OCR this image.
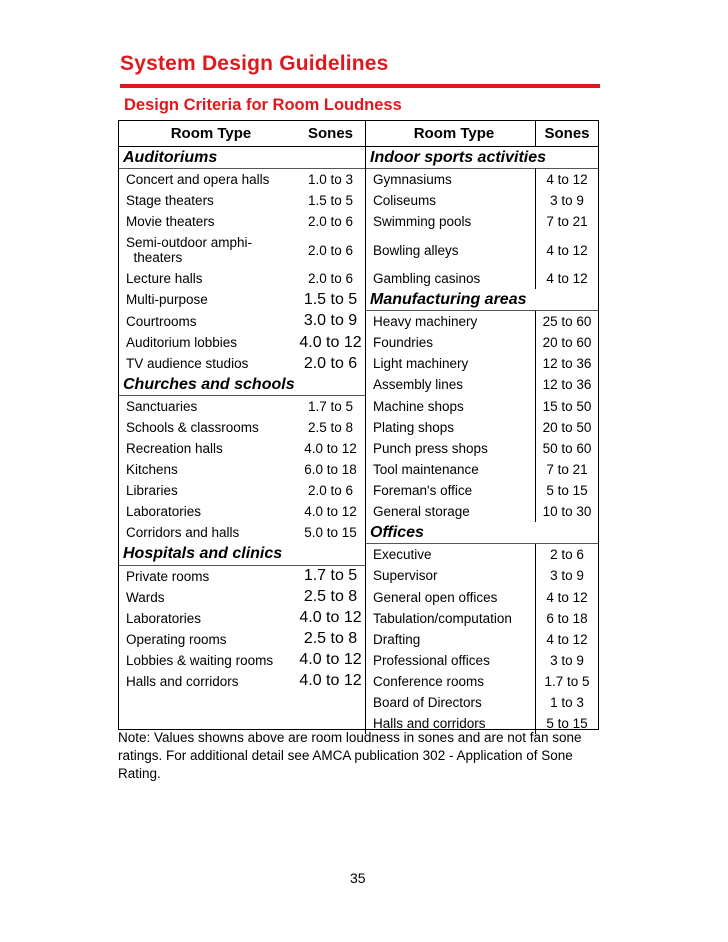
System Design Guidelines
Design Criteria for Room Loudness
Room Type	Sones	Room Type	Sones
Auditoriums		Indoor sports activities	
Concert and opera halls	1.0 to 3	Gymnasiums	4 to 12
Stage theaters	1.5 to 5	Coliseums	3 to 9
Movie theaters	2.0 to 6	Swimming pools	7 to 21
Semi-outdoor amphi-
theaters	2.0 to 6	Bowling alleys	4 to 12
Lecture halls	2.0 to 6	Gambling casinos	4 to 12
Multi-purpose	1.5 to 5	Manufacturing areas	
Courtrooms	3.0 to 9	Heavy machinery	25 to 60
Auditorium lobbies	4.0 to 12	Foundries	20 to 60
TV audience studios	2.0 to 6	Light machinery	12 to 36
Churches and schools		Assembly lines	12 to 36
Sanctuaries	1.7 to 5	Machine shops	15 to 50
Schools & classrooms	2.5 to 8	Plating shops	20 to 50
Recreation halls	4.0 to 12	Punch press shops	50 to 60
Kitchens	6.0 to 18	Tool maintenance	7 to 21
Libraries	2.0 to 6	Foreman's office	5 to 15
Laboratories	4.0 to 12	General storage	10 to 30
Corridors and halls	5.0 to 15	Offices	
Hospitals and clinics		Executive	2 to 6
Private rooms	1.7 to 5	Supervisor	3 to 9
Wards	2.5 to 8	General open offices	4 to 12
Laboratories	4.0 to 12	Tabulation/computation	6 to 18
Operating rooms	2.5 to 8	Drafting	4 to 12
Lobbies & waiting rooms	4.0 to 12	Professional offices	3 to 9
Halls and corridors	4.0 to 12	Conference rooms	1.7 to 5
		Board of Directors	1 to 3
		Halls and corridors	5 to 15
Note: Values showns above are room loudness in sones and are not fan sone ratings. For additional detail see AMCA publication 302 - Application of Sone Rating.
35
